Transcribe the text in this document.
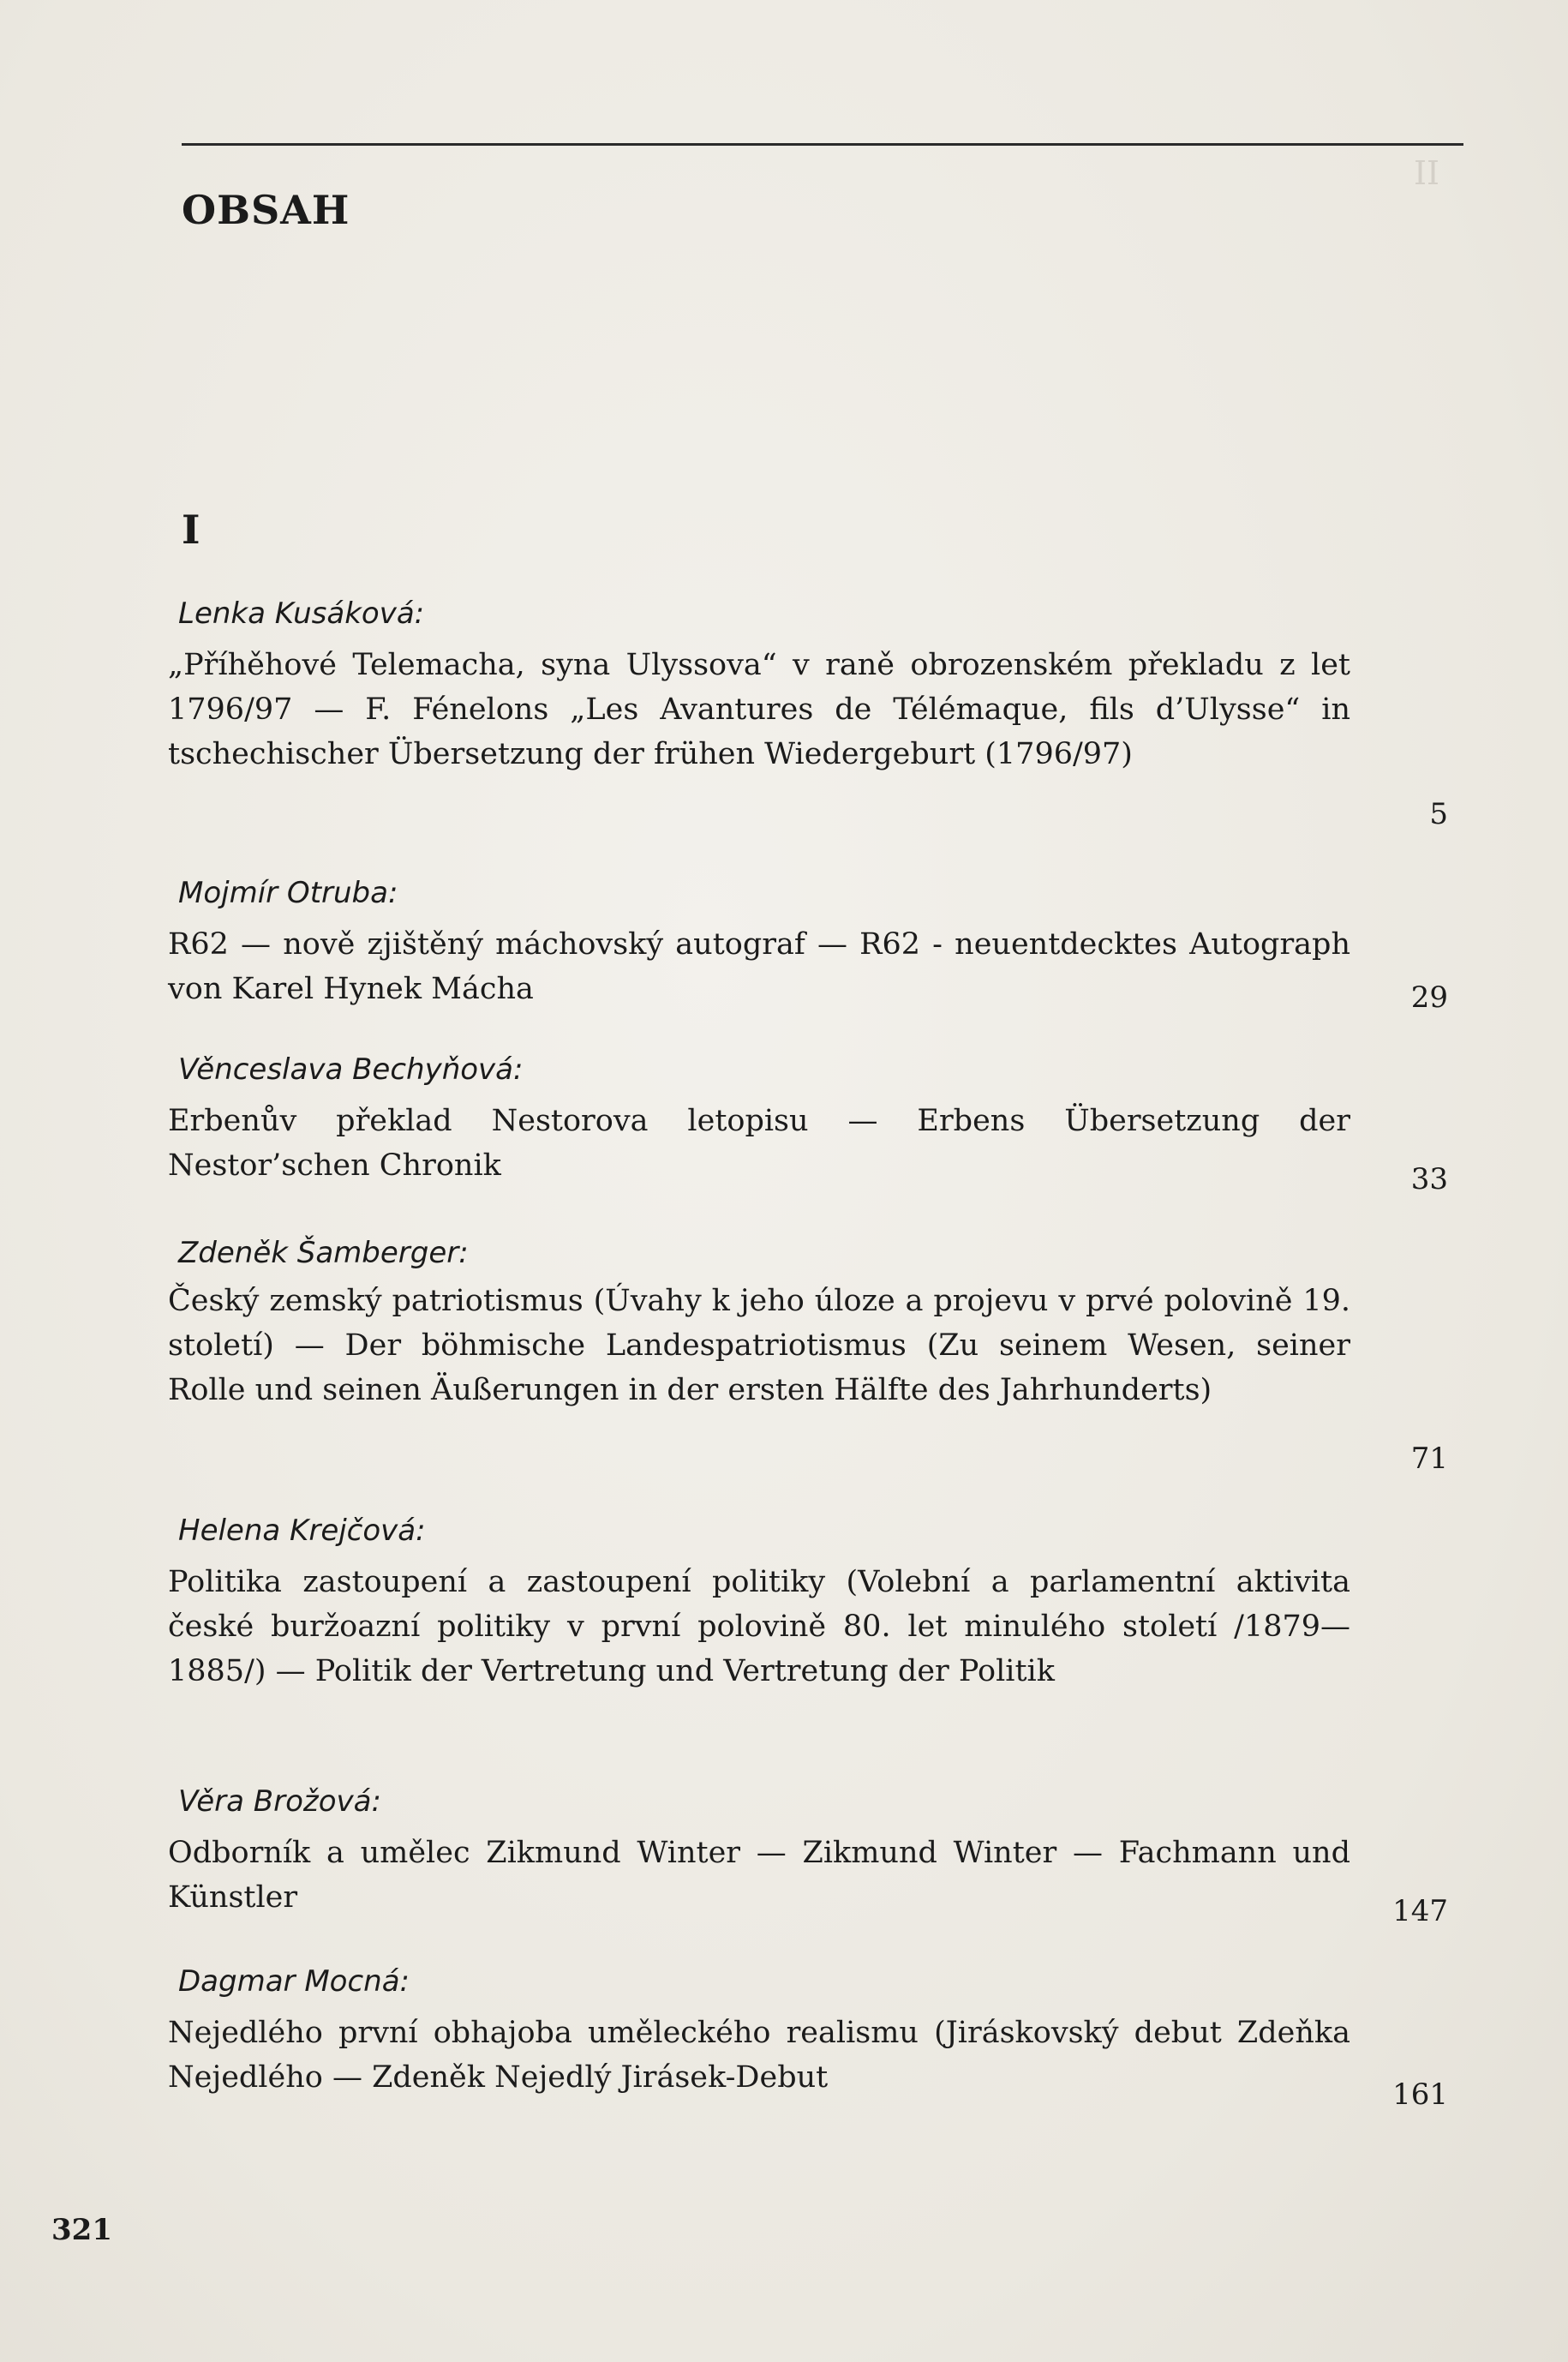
II
OBSAH
I
Lenka Kusáková:
„Příhěhové Telemacha, syna Ulyssova“ v raně obrozenském překladu z let 1796/97 — F. Fénelons „Les Avantures de Télémaque, fils d’Ulysse“ in tschechischer Übersetzung der frühen Wiedergeburt (1796/97)
5
Mojmír Otruba:
R62 — nově zjištěný máchovský autograf — R62 - neuentdecktes Autograph von Karel Hynek Mácha	29
Věnceslava Bechyňová:
Erbenův překlad Nestorova letopisu — Erbens Übersetzung der Nestor’schen Chronik	33
Zdeněk Šamberger:
Český zemský patriotismus (Úvahy k jeho úloze a projevu v prvé polovině 19. století) — Der böhmische Landespatriotismus (Zu seinem Wesen, seiner Rolle und seinen Äußerungen in der ersten Hälfte des Jahrhunderts)
71
Helena Krejčová:
Politika zastoupení a zastoupení politiky (Volební a parlamentní aktivita české buržoazní politiky v první polovině 80. let minulého století /1879—1885/) — Politik der Vertretung und Vertretung der Politik
Věra Brožová:
Odborník a umělec Zikmund Winter — Zikmund Winter — Fachmann und Künstler	147
Dagmar Mocná:
Nejedlého první obhajoba uměleckého realismu (Jiráskovský debut Zdeňka Nejedlého — Zdeněk Nejedlý Jirásek-Debut	161
321
